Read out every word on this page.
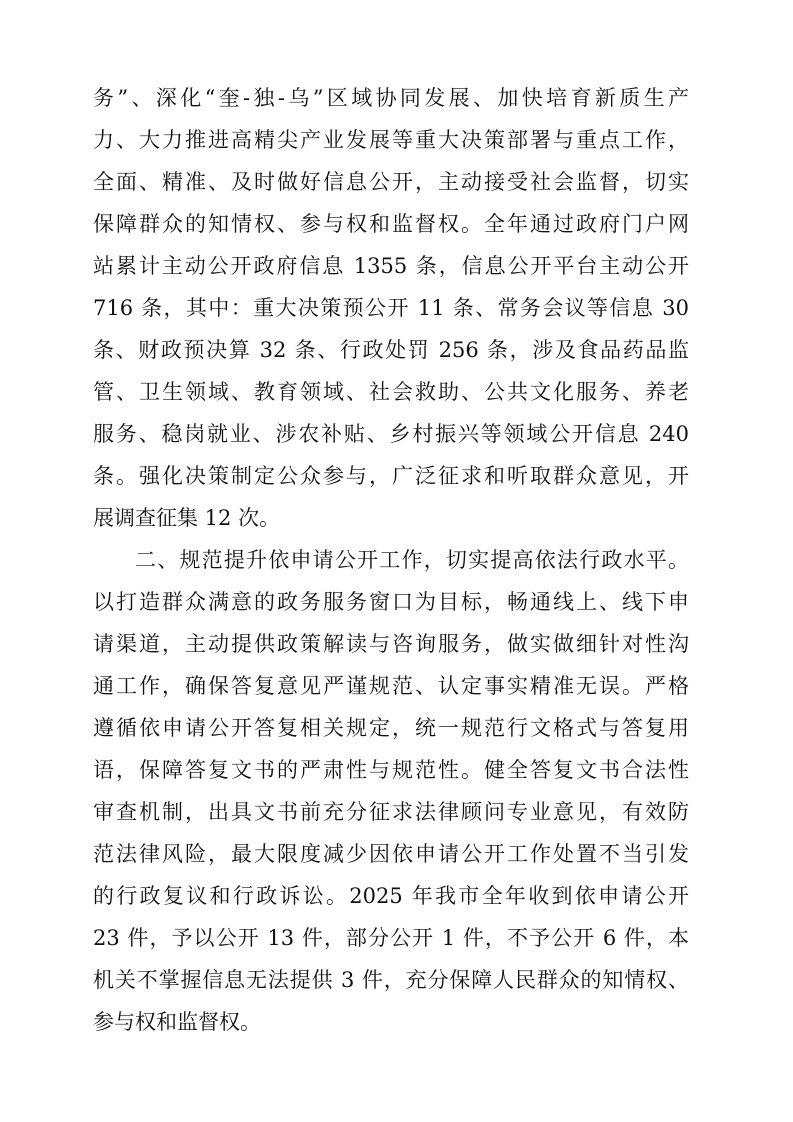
务”、深化“奎-独-乌”区域协同发展、加快培育新质生产
力、大力推进高精尖产业发展等重大决策部署与重点工作，
全面、精准、及时做好信息公开，主动接受社会监督，切实
保障群众的知情权、参与权和监督权。全年通过政府门户网
站累计主动公开政府信息 1355 条，信息公开平台主动公开
716 条，其中：重大决策预公开 11 条、常务会议等信息 30
条、财政预决算 32 条、行政处罚 256 条，涉及食品药品监
管、卫生领域、教育领域、社会救助、公共文化服务、养老
服务、稳岗就业、涉农补贴、乡村振兴等领域公开信息 240
条。强化决策制定公众参与，广泛征求和听取群众意见，开
展调查征集 12 次。
二、规范提升依申请公开工作，切实提高依法行政水平。
以打造群众满意的政务服务窗口为目标，畅通线上、线下申
请渠道，主动提供政策解读与咨询服务，做实做细针对性沟
通工作，确保答复意见严谨规范、认定事实精准无误。严格
遵循依申请公开答复相关规定，统一规范行文格式与答复用
语，保障答复文书的严肃性与规范性。健全答复文书合法性
审查机制，出具文书前充分征求法律顾问专业意见，有效防
范法律风险，最大限度减少因依申请公开工作处置不当引发
的行政复议和行政诉讼。2025 年我市全年收到依申请公开
23 件，予以公开 13 件，部分公开 1 件，不予公开 6 件，本
机关不掌握信息无法提供 3 件，充分保障人民群众的知情权、
参与权和监督权。
